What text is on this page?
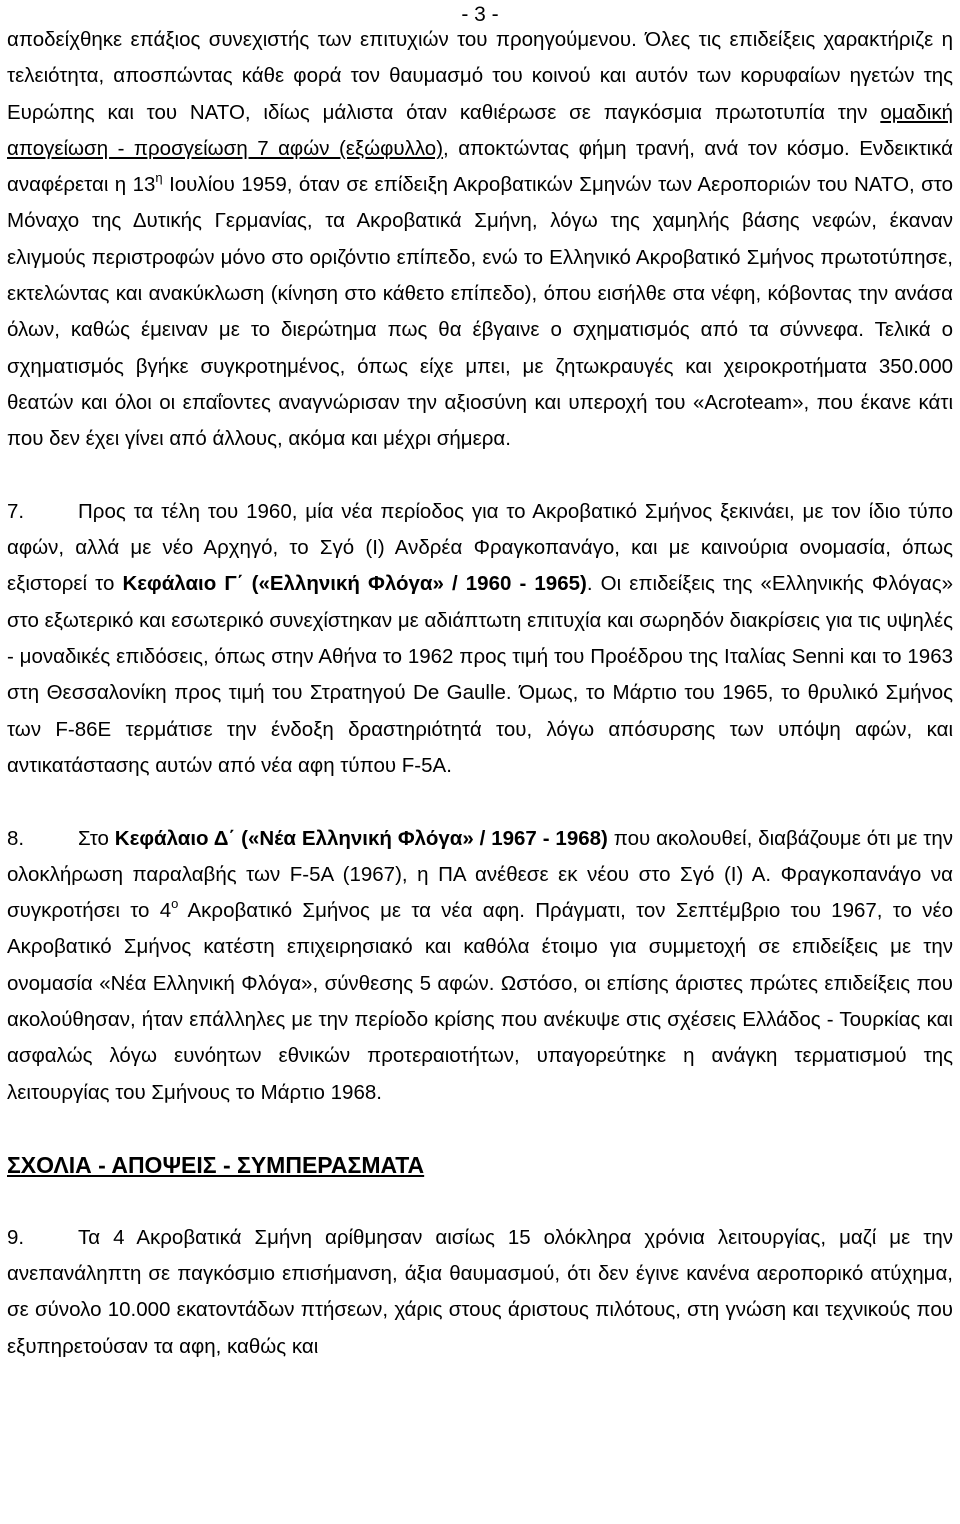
- 3 -

αποδείχθηκε επάξιος συνεχιστής των επιτυχιών του προηγούμενου. Όλες τις επιδείξεις χαρακτήριζε η τελειότητα, αποσπώντας κάθε φορά τον θαυμασμό του κοινού και αυτόν των κορυφαίων ηγετών της Ευρώπης και του ΝΑΤΟ, ιδίως μάλιστα όταν καθιέρωσε σε παγκόσμια πρωτοτυπία την ομαδική απογείωση - προσγείωση 7 αφών (εξώφυλλο), αποκτώντας φήμη τρανή, ανά τον κόσμο. Ενδεικτικά αναφέρεται η $13^\eta$ Ιουλίου 1959, όταν σε επίδειξη Ακροβατικών Σμηνών των Αεροποριών του ΝΑΤΟ, στο Μόναχο της Δυτικής Γερμανίας, τα Ακροβατικά Σμήνη, λόγω της χαμηλής βάσης νεφών, έκαναν ελιγμούς περιστροφών μόνο στο οριζόντιο επίπεδο, ενώ το Ελληνικό Ακροβατικό Σμήνος πρωτοτύπησε, εκτελώντας και ανακύκλωση (κίνηση στο κάθετο επίπεδο), όπου εισήλθε στα νέφη, κόβοντας την ανάσα όλων, καθώς έμειναν με το διερώτημα πως θα έβγαινε ο σχηματισμός από τα σύννεφα. Τελικά ο σχηματισμός βγήκε συγκροτημένος, όπως είχε μπει, με ζητωκραυγές και χειροκροτήματα 350.000 θεατών και όλοι οι επαΐοντες αναγνώρισαν την αξιοσύνη και υπεροχή του «Acroteam», που έκανε κάτι που δεν έχει γίνει από άλλους, ακόμα και μέχρι σήμερα.

7.	Προς τα τέλη του 1960, μία νέα περίοδος για το Ακροβατικό Σμήνος ξεκινάει, με τον ίδιο τύπο αφών, αλλά με νέο Αρχηγό, το Σγό (Ι) Ανδρέα Φραγκοπανάγο, και με καινούρια ονομασία, όπως εξιστορεί το Κεφάλαιο Γ΄ («Ελληνική Φλόγα» / 1960 - 1965). Οι επιδείξεις της «Ελληνικής Φλόγας» στο εξωτερικό και εσωτερικό συνεχίστηκαν με αδιάπτωτη επιτυχία και σωρηδόν διακρίσεις για τις υψηλές - μοναδικές επιδόσεις, όπως στην Αθήνα το 1962 προς τιμή του Προέδρου της Ιταλίας Senni και το 1963 στη Θεσσαλονίκη προς τιμή του Στρατηγού De Gaulle. Όμως, το Μάρτιο του 1965, το θρυλικό Σμήνος των F-86E τερμάτισε την ένδοξη δραστηριότητά του, λόγω απόσυρσης των υπόψη αφών, και αντικατάστασης αυτών από νέα αφη τύπου F-5A.

8.	Στο Κεφάλαιο Δ΄ («Νέα Ελληνική Φλόγα» / 1967 - 1968) που ακολουθεί, διαβάζουμε ότι με την ολοκλήρωση παραλαβής των F-5A (1967), η ΠΑ ανέθεσε εκ νέου στο Σγό (Ι) Α. Φραγκοπανάγο να συγκροτήσει το $4^o$ Ακροβατικό Σμήνος με τα νέα αφη. Πράγματι, τον Σεπτέμβριο του 1967, το νέο Ακροβατικό Σμήνος κατέστη επιχειρησιακό και καθόλα έτοιμο για συμμετοχή σε επιδείξεις με την ονομασία «Νέα Ελληνική Φλόγα», σύνθεσης 5 αφών. Ωστόσο, οι επίσης άριστες πρώτες επιδείξεις που ακολούθησαν, ήταν επάλληλες με την περίοδο κρίσης που ανέκυψε στις σχέσεις Ελλάδος - Τουρκίας και ασφαλώς λόγω ευνόητων εθνικών προτεραιοτήτων, υπαγορεύτηκε η ανάγκη τερματισμού της λειτουργίας του Σμήνους το Μάρτιο 1968.

ΣΧΟΛΙΑ - ΑΠΟΨΕΙΣ - ΣΥΜΠΕΡΑΣΜΑΤΑ

9.	Τα 4 Ακροβατικά Σμήνη αρίθμησαν αισίως 15 ολόκληρα χρόνια λειτουργίας, μαζί με την ανεπανάληπτη σε παγκόσμιο επισήμανση, άξια θαυμασμού, ότι δεν έγινε κανένα αεροπορικό ατύχημα, σε σύνολο 10.000 εκατοντάδων πτήσεων, χάρις στους άριστους πιλότους, στη γνώση και τεχνικούς που εξυπηρετούσαν τα αφη, καθώς και
